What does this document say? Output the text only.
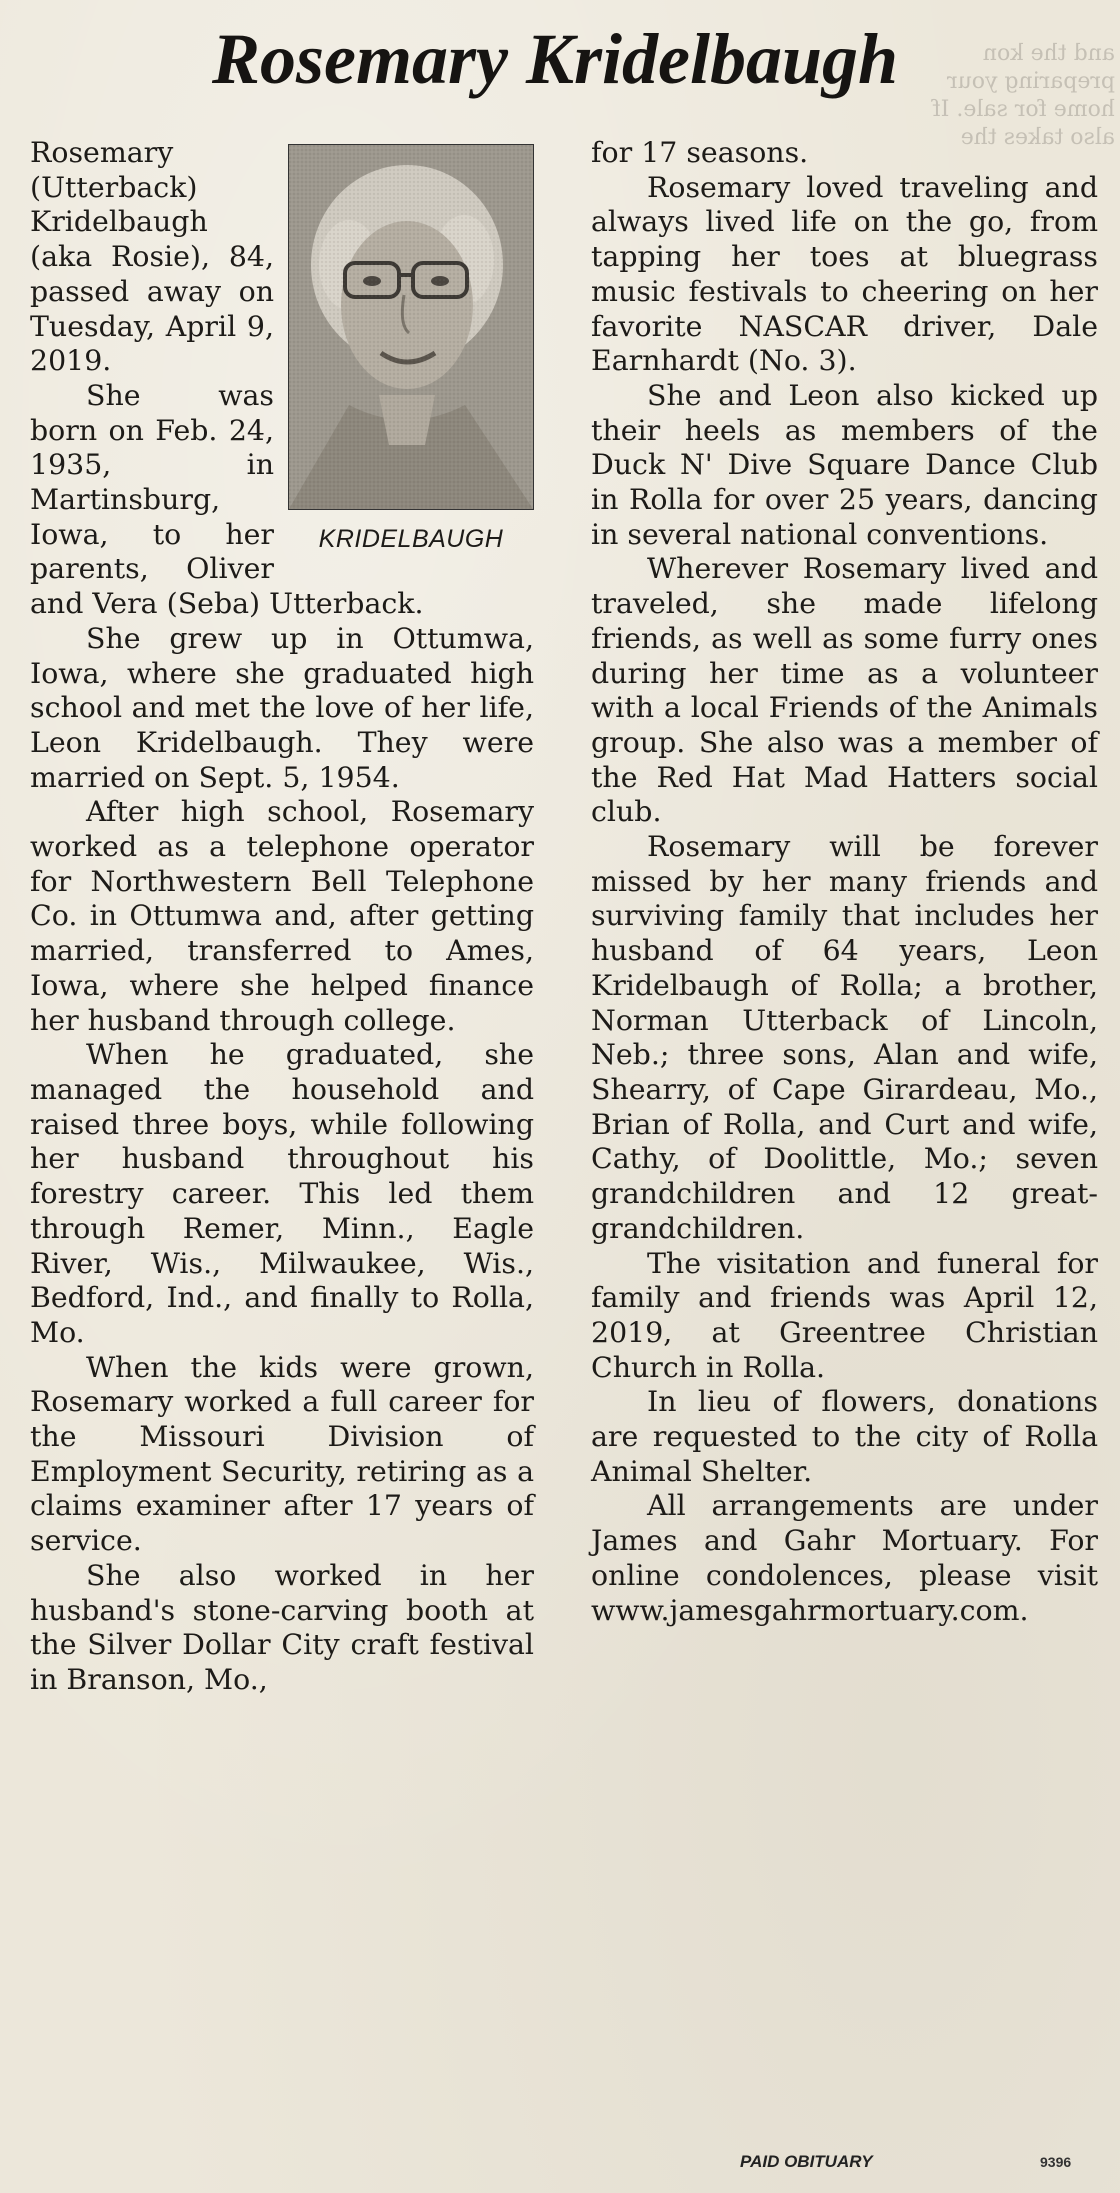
and the kon
preparing your home for sale. If
also takes the
Rosemary Kridelbaugh
KRIDELBAUGH

Rosemary (Utterback) Kridelbaugh (aka Rosie), 84, passed away on Tuesday, April 9, 2019.

She was born on Feb. 24, 1935, in Martinsburg, Iowa, to her parents, Oliver and Vera (Seba) Utterback.

She grew up in Ottumwa, Iowa, where she graduated high school and met the love of her life, Leon Kridelbaugh. They were married on Sept. 5, 1954.

After high school, Rosemary worked as a telephone operator for Northwestern Bell Telephone Co. in Ottumwa and, after getting married, transferred to Ames, Iowa, where she helped finance her husband through college.

When he graduated, she managed the household and raised three boys, while following her husband throughout his forestry career. This led them through Remer, Minn., Eagle River, Wis., Milwaukee, Wis., Bedford, Ind., and finally to Rolla, Mo.

When the kids were grown, Rosemary worked a full career for the Missouri Division of Employment Security, retiring as a claims examiner after 17 years of service.

She also worked in her husband's stone-carving booth at the Silver Dollar City craft festival in Branson, Mo.,

for 17 seasons.

Rosemary loved traveling and always lived life on the go, from tapping her toes at bluegrass music festivals to cheering on her favorite NASCAR driver, Dale Earnhardt (No. 3).

She and Leon also kicked up their heels as members of the Duck N' Dive Square Dance Club in Rolla for over 25 years, dancing in several national conventions.

Wherever Rosemary lived and traveled, she made lifelong friends, as well as some furry ones during her time as a volunteer with a local Friends of the Animals group. She also was a member of the Red Hat Mad Hatters social club.

Rosemary will be forever missed by her many friends and surviving family that includes her husband of 64 years, Leon Kridelbaugh of Rolla; a brother, Norman Utterback of Lincoln, Neb.; three sons, Alan and wife, Shearry, of Cape Girardeau, Mo., Brian of Rolla, and Curt and wife, Cathy, of Doolittle, Mo.; seven grandchildren and 12 great-grandchildren.

The visitation and funeral for family and friends was April 12, 2019, at Greentree Christian Church in Rolla.

In lieu of flowers, donations are requested to the city of Rolla Animal Shelter.

All arrangements are under James and Gahr Mortuary. For online condolences, please visit www.jamesgahrmortuary.com.

PAID OBITUARY	9396
